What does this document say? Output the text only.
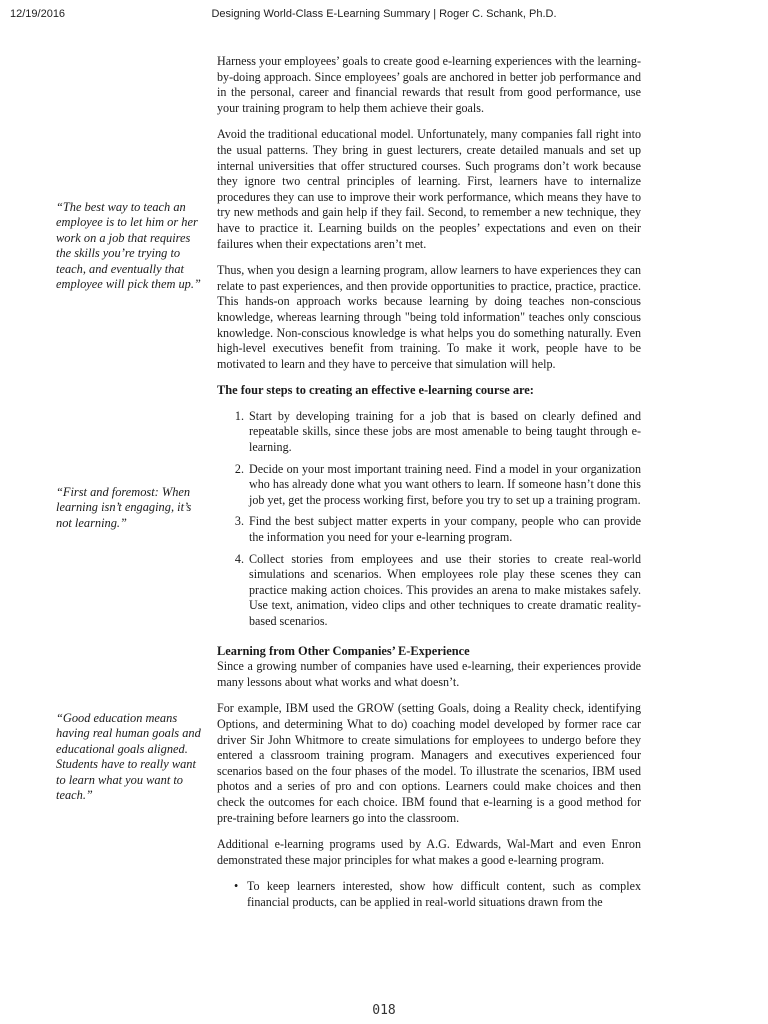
12/19/2016	Designing World-Class E-Learning Summary | Roger C. Schank, Ph.D.
“The best way to teach an employee is to let him or her work on a job that requires the skills you’re trying to teach, and eventually that employee will pick them up.”
“First and foremost: When learning isn’t engaging, it’s not learning.”
“Good education means having real human goals and educational goals aligned. Students have to really want to learn what you want to teach.”

Harness your employees’ goals to create good e-learning experiences with the learning-by-doing approach. Since employees’ goals are anchored in better job performance and in the personal, career and financial rewards that result from good performance, use your training program to help them achieve their goals.

Avoid the traditional educational model. Unfortunately, many companies fall right into the usual patterns. They bring in guest lecturers, create detailed manuals and set up internal universities that offer structured courses. Such programs don’t work because they ignore two central principles of learning. First, learners have to internalize procedures they can use to improve their work performance, which means they have to try new methods and gain help if they fail. Second, to remember a new technique, they have to practice it. Learning builds on the peoples’ expectations and even on their failures when their expectations aren’t met.

Thus, when you design a learning program, allow learners to have experiences they can relate to past experiences, and then provide opportunities to practice, practice, practice. This hands-on approach works because learning by doing teaches non-conscious knowledge, whereas learning through "being told information" teaches only conscious knowledge. Non-conscious knowledge is what helps you do something naturally. Even high-level executives benefit from training. To make it work, people have to be motivated to learn and they have to perceive that simulation will help.

The four steps to creating an effective e-learning course are:
1. Start by developing training for a job that is based on clearly defined and repeatable skills, since these jobs are most amenable to being taught through e-learning.
2. Decide on your most important training need. Find a model in your organization who has already done what you want others to learn. If someone hasn’t done this job yet, get the process working first, before you try to set up a training program.
3. Find the best subject matter experts in your company, people who can provide the information you need for your e-learning program.
4. Collect stories from employees and use their stories to create real-world simulations and scenarios. When employees role play these scenes they can practice making action choices. This provides an arena to make mistakes safely. Use text, animation, video clips and other techniques to create dramatic reality-based scenarios.
Learning from Other Companies’ E-Experience

Since a growing number of companies have used e-learning, their experiences provide many lessons about what works and what doesn’t.

For example, IBM used the GROW (setting Goals, doing a Reality check, identifying Options, and determining What to do) coaching model developed by former race car driver Sir John Whitmore to create simulations for employees to undergo before they entered a classroom training program. Managers and executives experienced four scenarios based on the four phases of the model. To illustrate the scenarios, IBM used photos and a series of pro and con options. Learners could make choices and then check the outcomes for each choice. IBM found that e-learning is a good method for pre-training before learners go into the classroom.

Additional e-learning programs used by A.G. Edwards, Wal-Mart and even Enron demonstrated these major principles for what makes a good e-learning program.

• To keep learners interested, show how difficult content, such as complex financial products, can be applied in real-world situations drawn from the
018
